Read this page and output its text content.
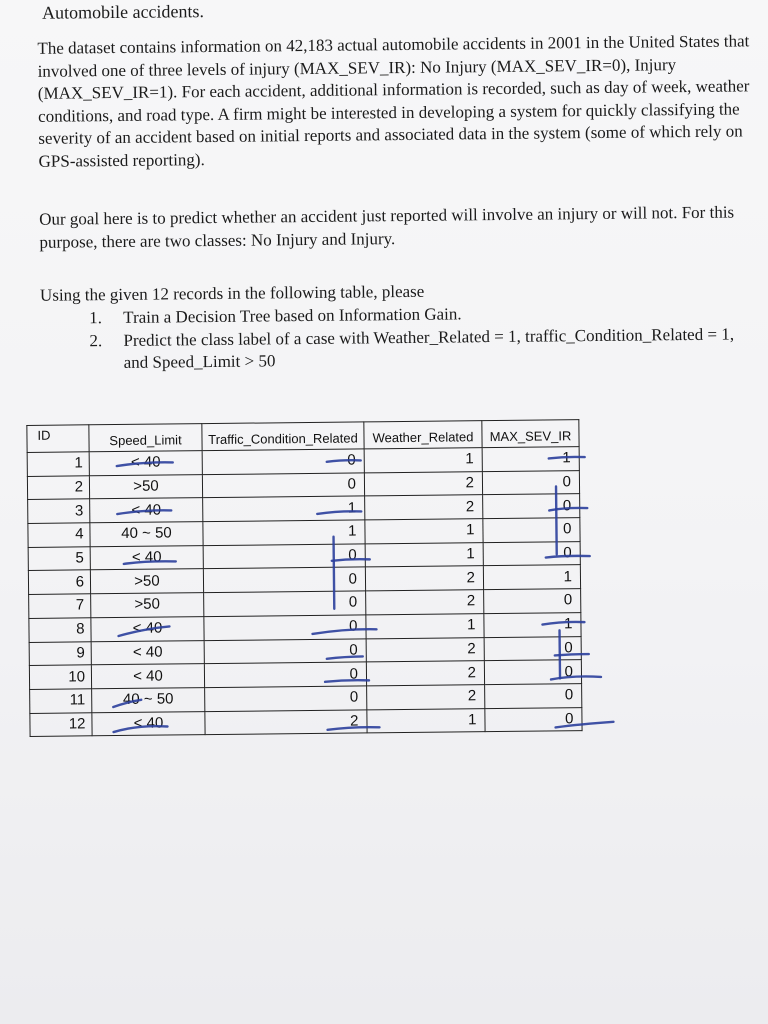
Automobile accidents.

The dataset contains information on 42,183 actual automobile accidents in 2001 in the United States that involved one of three levels of injury (MAX_SEV_IR): No Injury (MAX_SEV_IR=0), Injury (MAX_SEV_IR=1). For each accident, additional information is recorded, such as day of week, weather conditions, and road type. A firm might be interested in developing a system for quickly classifying the severity of an accident based on initial reports and associated data in the system (some of which rely on GPS-assisted reporting).

Our goal here is to predict whether an accident just reported will involve an injury or will not. For this purpose, there are two classes: No Injury and Injury.

Using the given 12 records in the following table, please

1. Train a Decision Tree based on Information Gain.
2. Predict the class label of a case with Weather_Related = 1, traffic_Condition_Related = 1, and Speed_Limit > 50
ID	Speed_Limit	Traffic_Condition_Related	Weather_Related	MAX_SEV_IR
1	< 40	0	1	1
2	>50	0	2	0
3	< 40	1	2	0
4	40 ~ 50	1	1	0
5	< 40	0	1	0
6	>50	0	2	1
7	>50	0	2	0
8	< 40	0	1	1
9	< 40	0	2	0
10	< 40	0	2	0
11	40 ~ 50	0	2	0
12	< 40	2	1	0
